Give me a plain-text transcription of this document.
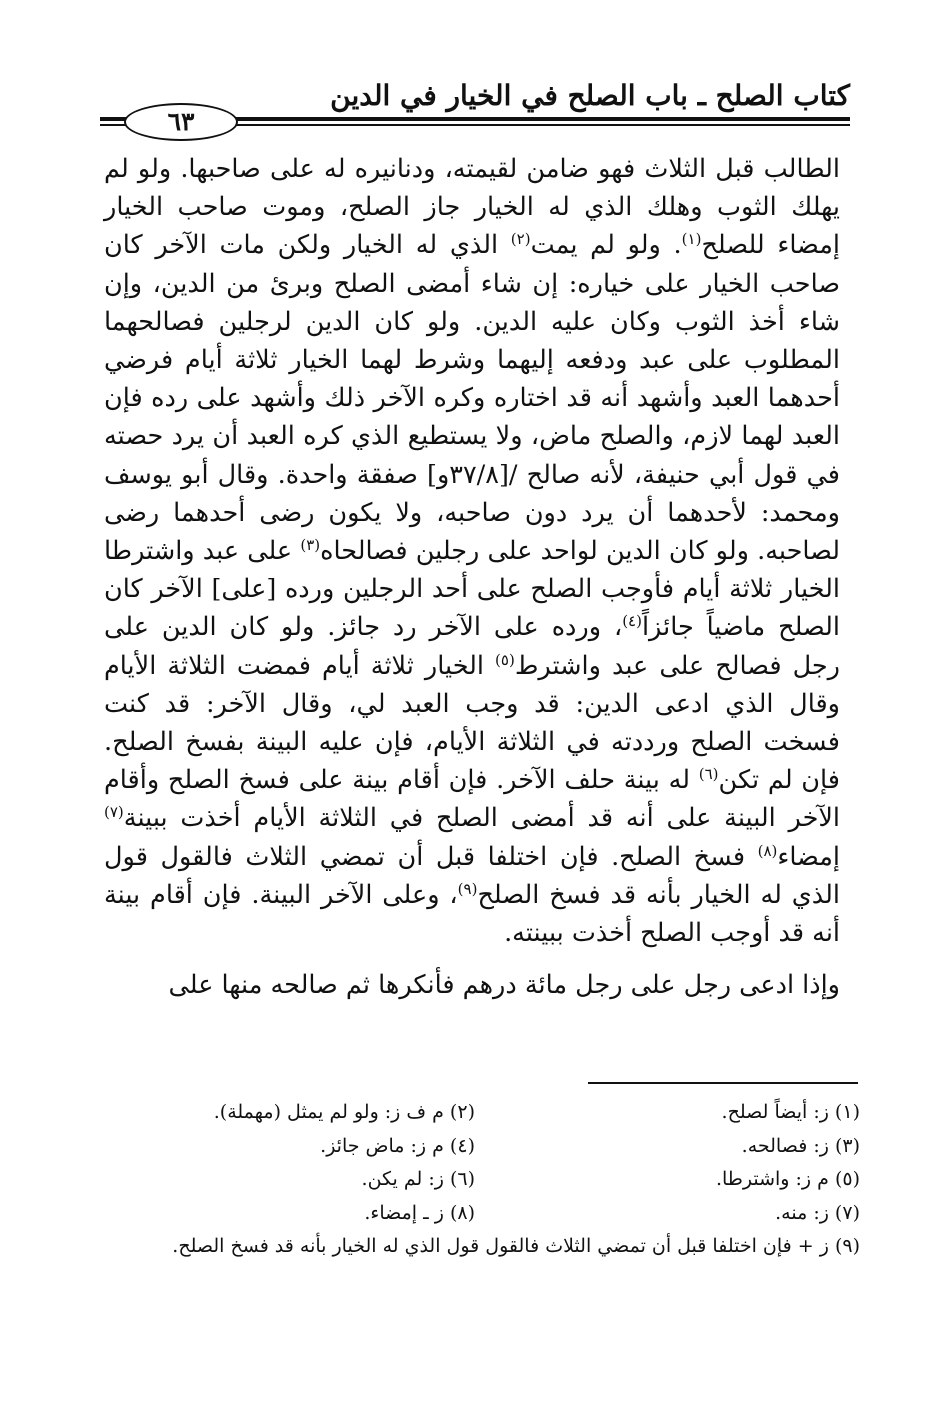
كتاب الصلح ـ باب الصلح في الخيار في الدين
٦٣

الطالب قبل الثلاث فهو ضامن لقيمته، ودنانيره له على صاحبها. ولو لم يهلك الثوب وهلك الذي له الخيار جاز الصلح، وموت صاحب الخيار إمضاء للصلح$^{(١)}$. ولو لم يمت$^{(٢)}$ الذي له الخيار ولكن مات الآخر كان صاحب الخيار على خياره: إن شاء أمضى الصلح وبرئ من الدين، وإن شاء أخذ الثوب وكان عليه الدين. ولو كان الدين لرجلين فصالحهما المطلوب على عبد ودفعه إليهما وشرط لهما الخيار ثلاثة أيام فرضي أحدهما العبد وأشهد أنه قد اختاره وكره الآخر ذلك وأشهد على رده فإن العبد لهما لازم، والصلح ماض، ولا يستطيع الذي كره العبد أن يرد حصته في قول أبي حنيفة، لأنه صالح /[٣٧/٨و] صفقة واحدة. وقال أبو يوسف ومحمد: لأحدهما أن يرد دون صاحبه، ولا يكون رضى أحدهما رضى لصاحبه. ولو كان الدين لواحد على رجلين فصالحاه$^{(٣)}$ على عبد واشترطا الخيار ثلاثة أيام فأوجب الصلح على أحد الرجلين ورده [على] الآخر كان الصلح ماضياً جائزاً$^{(٤)}$، ورده على الآخر رد جائز. ولو كان الدين على رجل فصالح على عبد واشترط$^{(٥)}$ الخيار ثلاثة أيام فمضت الثلاثة الأيام وقال الذي ادعى الدين: قد وجب العبد لي، وقال الآخر: قد كنت فسخت الصلح ورددته في الثلاثة الأيام، فإن عليه البينة بفسخ الصلح. فإن لم تكن$^{(٦)}$ له بينة حلف الآخر. فإن أقام بينة على فسخ الصلح وأقام الآخر البينة على أنه قد أمضى الصلح في الثلاثة الأيام أخذت ببينة$^{(٧)}$ إمضاء$^{(٨)}$ فسخ الصلح. فإن اختلفا قبل أن تمضي الثلاث فالقول قول الذي له الخيار بأنه قد فسخ الصلح$^{(٩)}$، وعلى الآخر البينة. فإن أقام بينة أنه قد أوجب الصلح أخذت ببينته.

وإذا ادعى رجل على رجل مائة درهم فأنكرها ثم صالحه منها على

(١) ز: أيضاً لصلح.
(٢) م ف ز: ولو لم يمثل (مهملة).
(٣) ز: فصالحه.
(٤) م ز: ماض جائز.
(٥) م ز: واشترطا.
(٦) ز: لم يكن.
(٧) ز: منه.
(٨) ز ـ إمضاء.
(٩) ز + فإن اختلفا قبل أن تمضي الثلاث فالقول قول الذي له الخيار بأنه قد فسخ الصلح.
